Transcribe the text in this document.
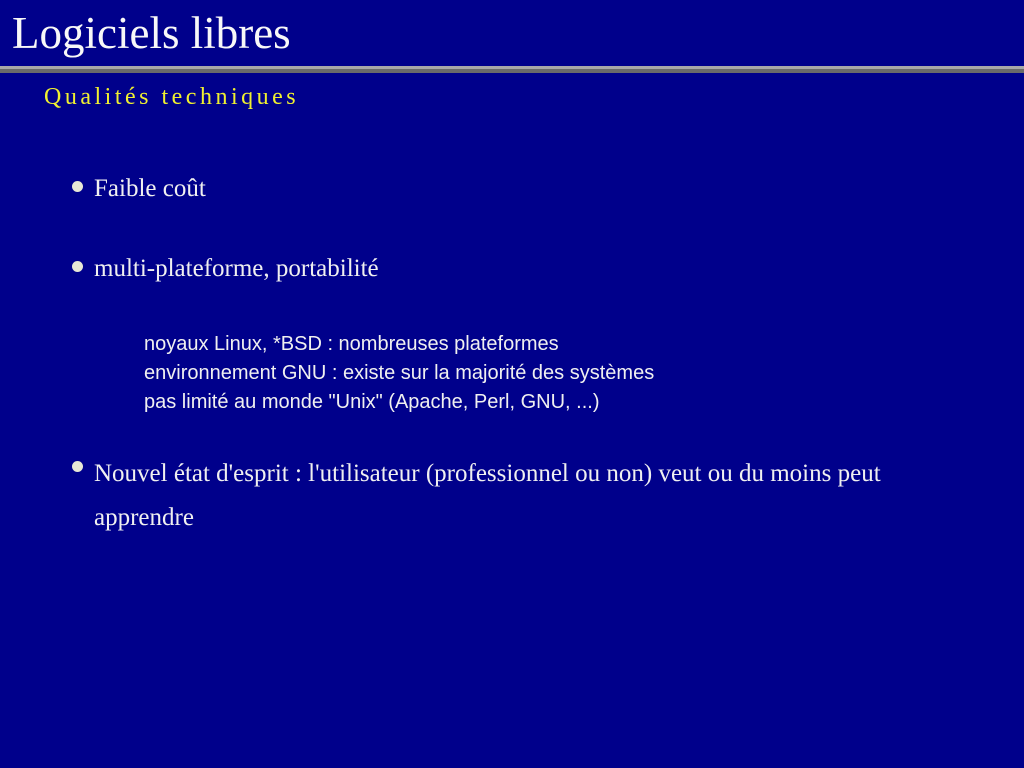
Logiciels libres
Qualités techniques
Faible coût
multi-plateforme, portabilité
noyaux Linux, *BSD : nombreuses plateformes
environnement GNU : existe sur la majorité des systèmes
pas limité au monde "Unix" (Apache, Perl, GNU, ...)
Nouvel état d'esprit : l'utilisateur (professionnel ou non) veut ou du moins peut apprendre
